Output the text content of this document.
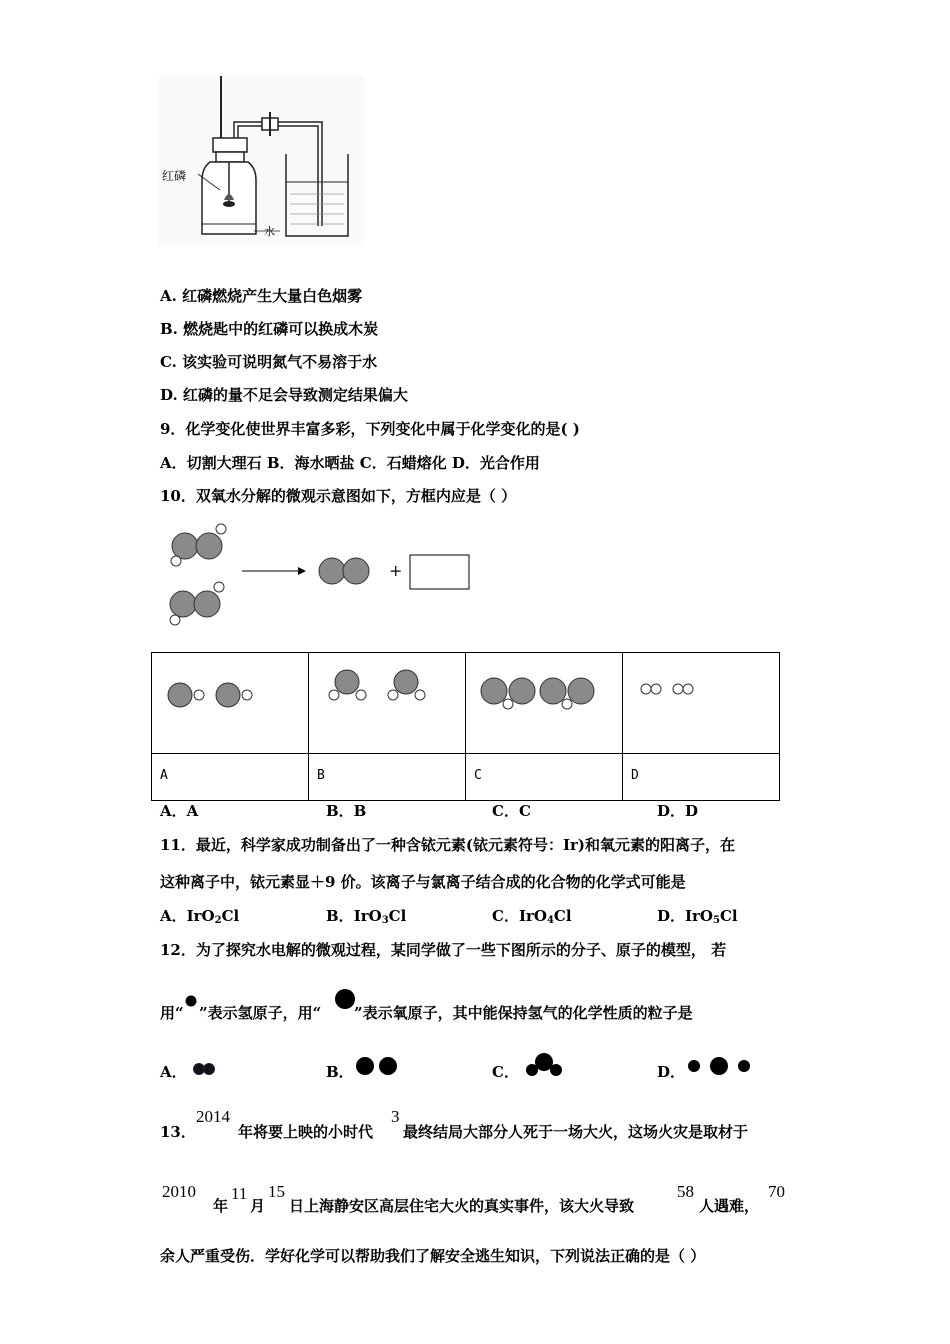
红磷
水
A. 红磷燃烧产生大量白色烟雾
B. 燃烧匙中的红磷可以换成木炭
C. 该实验可说明氮气不易溶于水
D. 红磷的量不足会导致测定结果偏大
9．化学变化使世界丰富多彩，下列变化中属于化学变化的是( )
A．切割大理石 B．海水晒盐 C．石蜡熔化 D．光合作用
10．双氧水分解的微观示意图如下，方框内应是（ ）
+

A	B	C	D
A．A	B．B	C．C	D．D
11．最近，科学家成功制备出了一种含铱元素(铱元素符号：Ir)和氧元素的阳离子，在
这种离子中，铱元素显＋9 价。该离子与氯离子结合成的化合物的化学式可能是
A．IrO$_2$Cl	B．IrO$_3$Cl	C．IrO$_4$Cl	D．IrO$_5$Cl
12．为了探究水电解的微观过程，某同学做了一些下图所示的分子、原子的模型， 若
用“ ”表示氢原子，用“ ”表示氧原子，其中能保持氢气的化学性质的粒子是
A．	B．	C．	D．
13．
2014
年将要上映的小时代
3
最终结局大部分人死于一场大火，这场火灾是取材于
2010
年
11
月
15
日上海静安区高层住宅大火的真实事件，该大火导致
58
人遇难，
70
余人严重受伤．学好化学可以帮助我们了解安全逃生知识，下列说法正确的是（ ）
